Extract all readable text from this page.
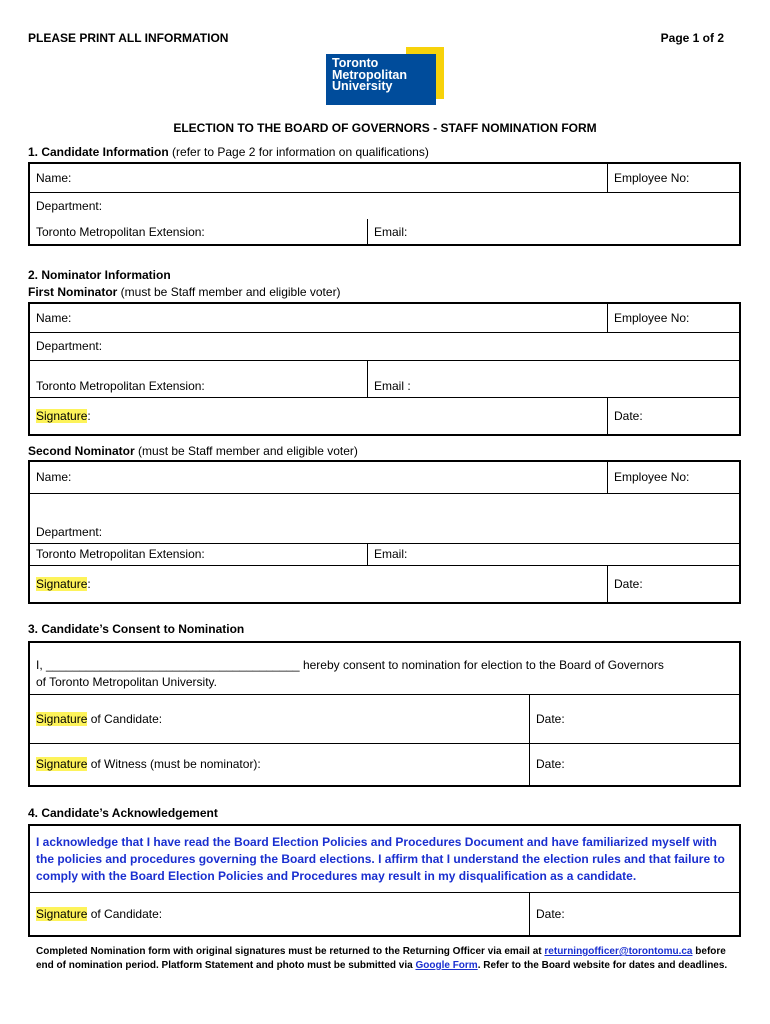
PLEASE PRINT ALL INFORMATION	Page 1 of 2
Toronto
Metropolitan
University
ELECTION TO THE BOARD OF GOVERNORS - STAFF NOMINATION FORM
1. Candidate Information (refer to Page 2 for information on qualifications)
Name:		Employee No:
Department:		
Toronto Metropolitan Extension:	Email:	
2. Nominator Information
First Nominator (must be Staff member and eligible voter)
Name:		Employee No:
Department:		
Toronto Metropolitan Extension:	Email :	
Signature:		Date:
Second Nominator (must be Staff member and eligible voter)
Name:		Employee No:
Department:		
Toronto Metropolitan Extension:	Email:	
Signature:		Date:
3. Candidate’s Consent to Nomination
I, ______________________________________ hereby consent to nomination for election to the Board of Governors
of Toronto Metropolitan University.	

Signature of Candidate:	Date:
Signature of Witness (must be nominator):	Date:
4. Candidate’s Acknowledgement
I acknowledge that I have read the Board Election Policies and Procedures Document and have familiarized myself with the policies and procedures governing the Board elections. I affirm that I understand the election rules and that failure to comply with the Board Election Policies and Procedures may result in my disqualification as a candidate.

Signature of Candidate:	Date:
Completed Nomination form with original signatures must be returned to the Returning Officer via email at returningofficer@torontomu.ca before end of nomination period. Platform Statement and photo must be submitted via Google Form. Refer to the Board website for dates and deadlines.
